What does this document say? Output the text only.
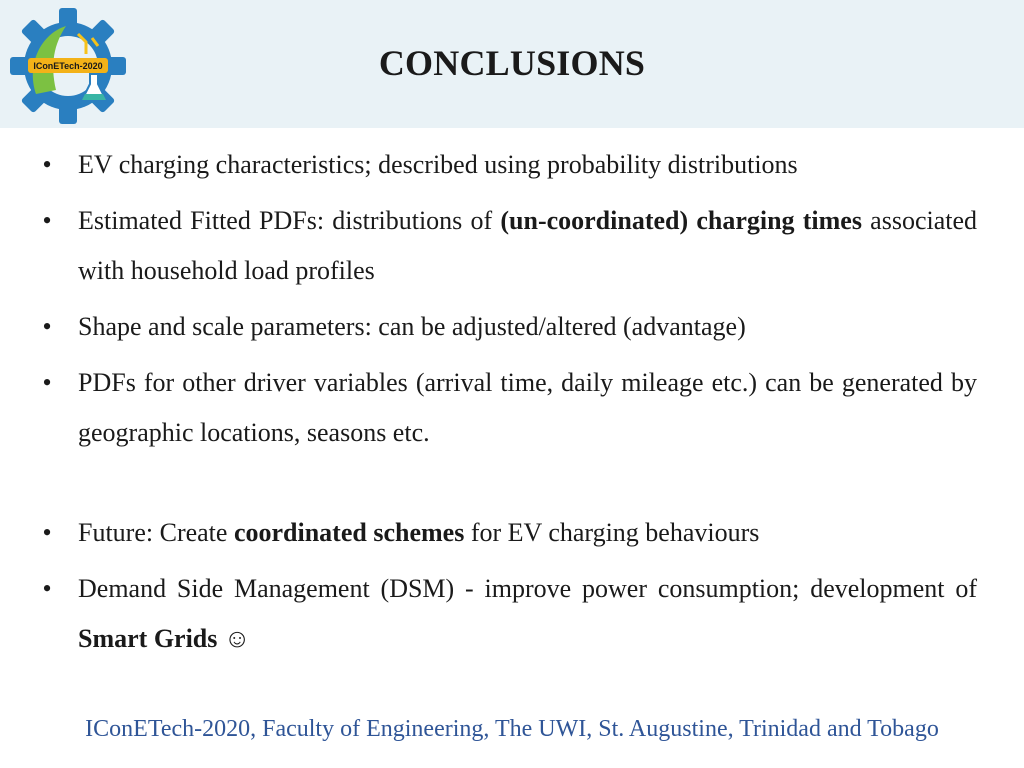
IConETech-2020	CONCLUSIONS
• EV charging characteristics; described using probability distributions
• Estimated Fitted PDFs: distributions of (un-coordinated) charging times associated with household load profiles
• Shape and scale parameters: can be adjusted/altered (advantage)
• PDFs for other driver variables (arrival time, daily mileage etc.) can be generated by geographic locations, seasons etc.
• Future: Create coordinated schemes for EV charging behaviours
• Demand Side Management (DSM) - improve power consumption; development of Smart Grids ☺
IConETech-2020, Faculty of Engineering, The UWI, St. Augustine, Trinidad and Tobago
